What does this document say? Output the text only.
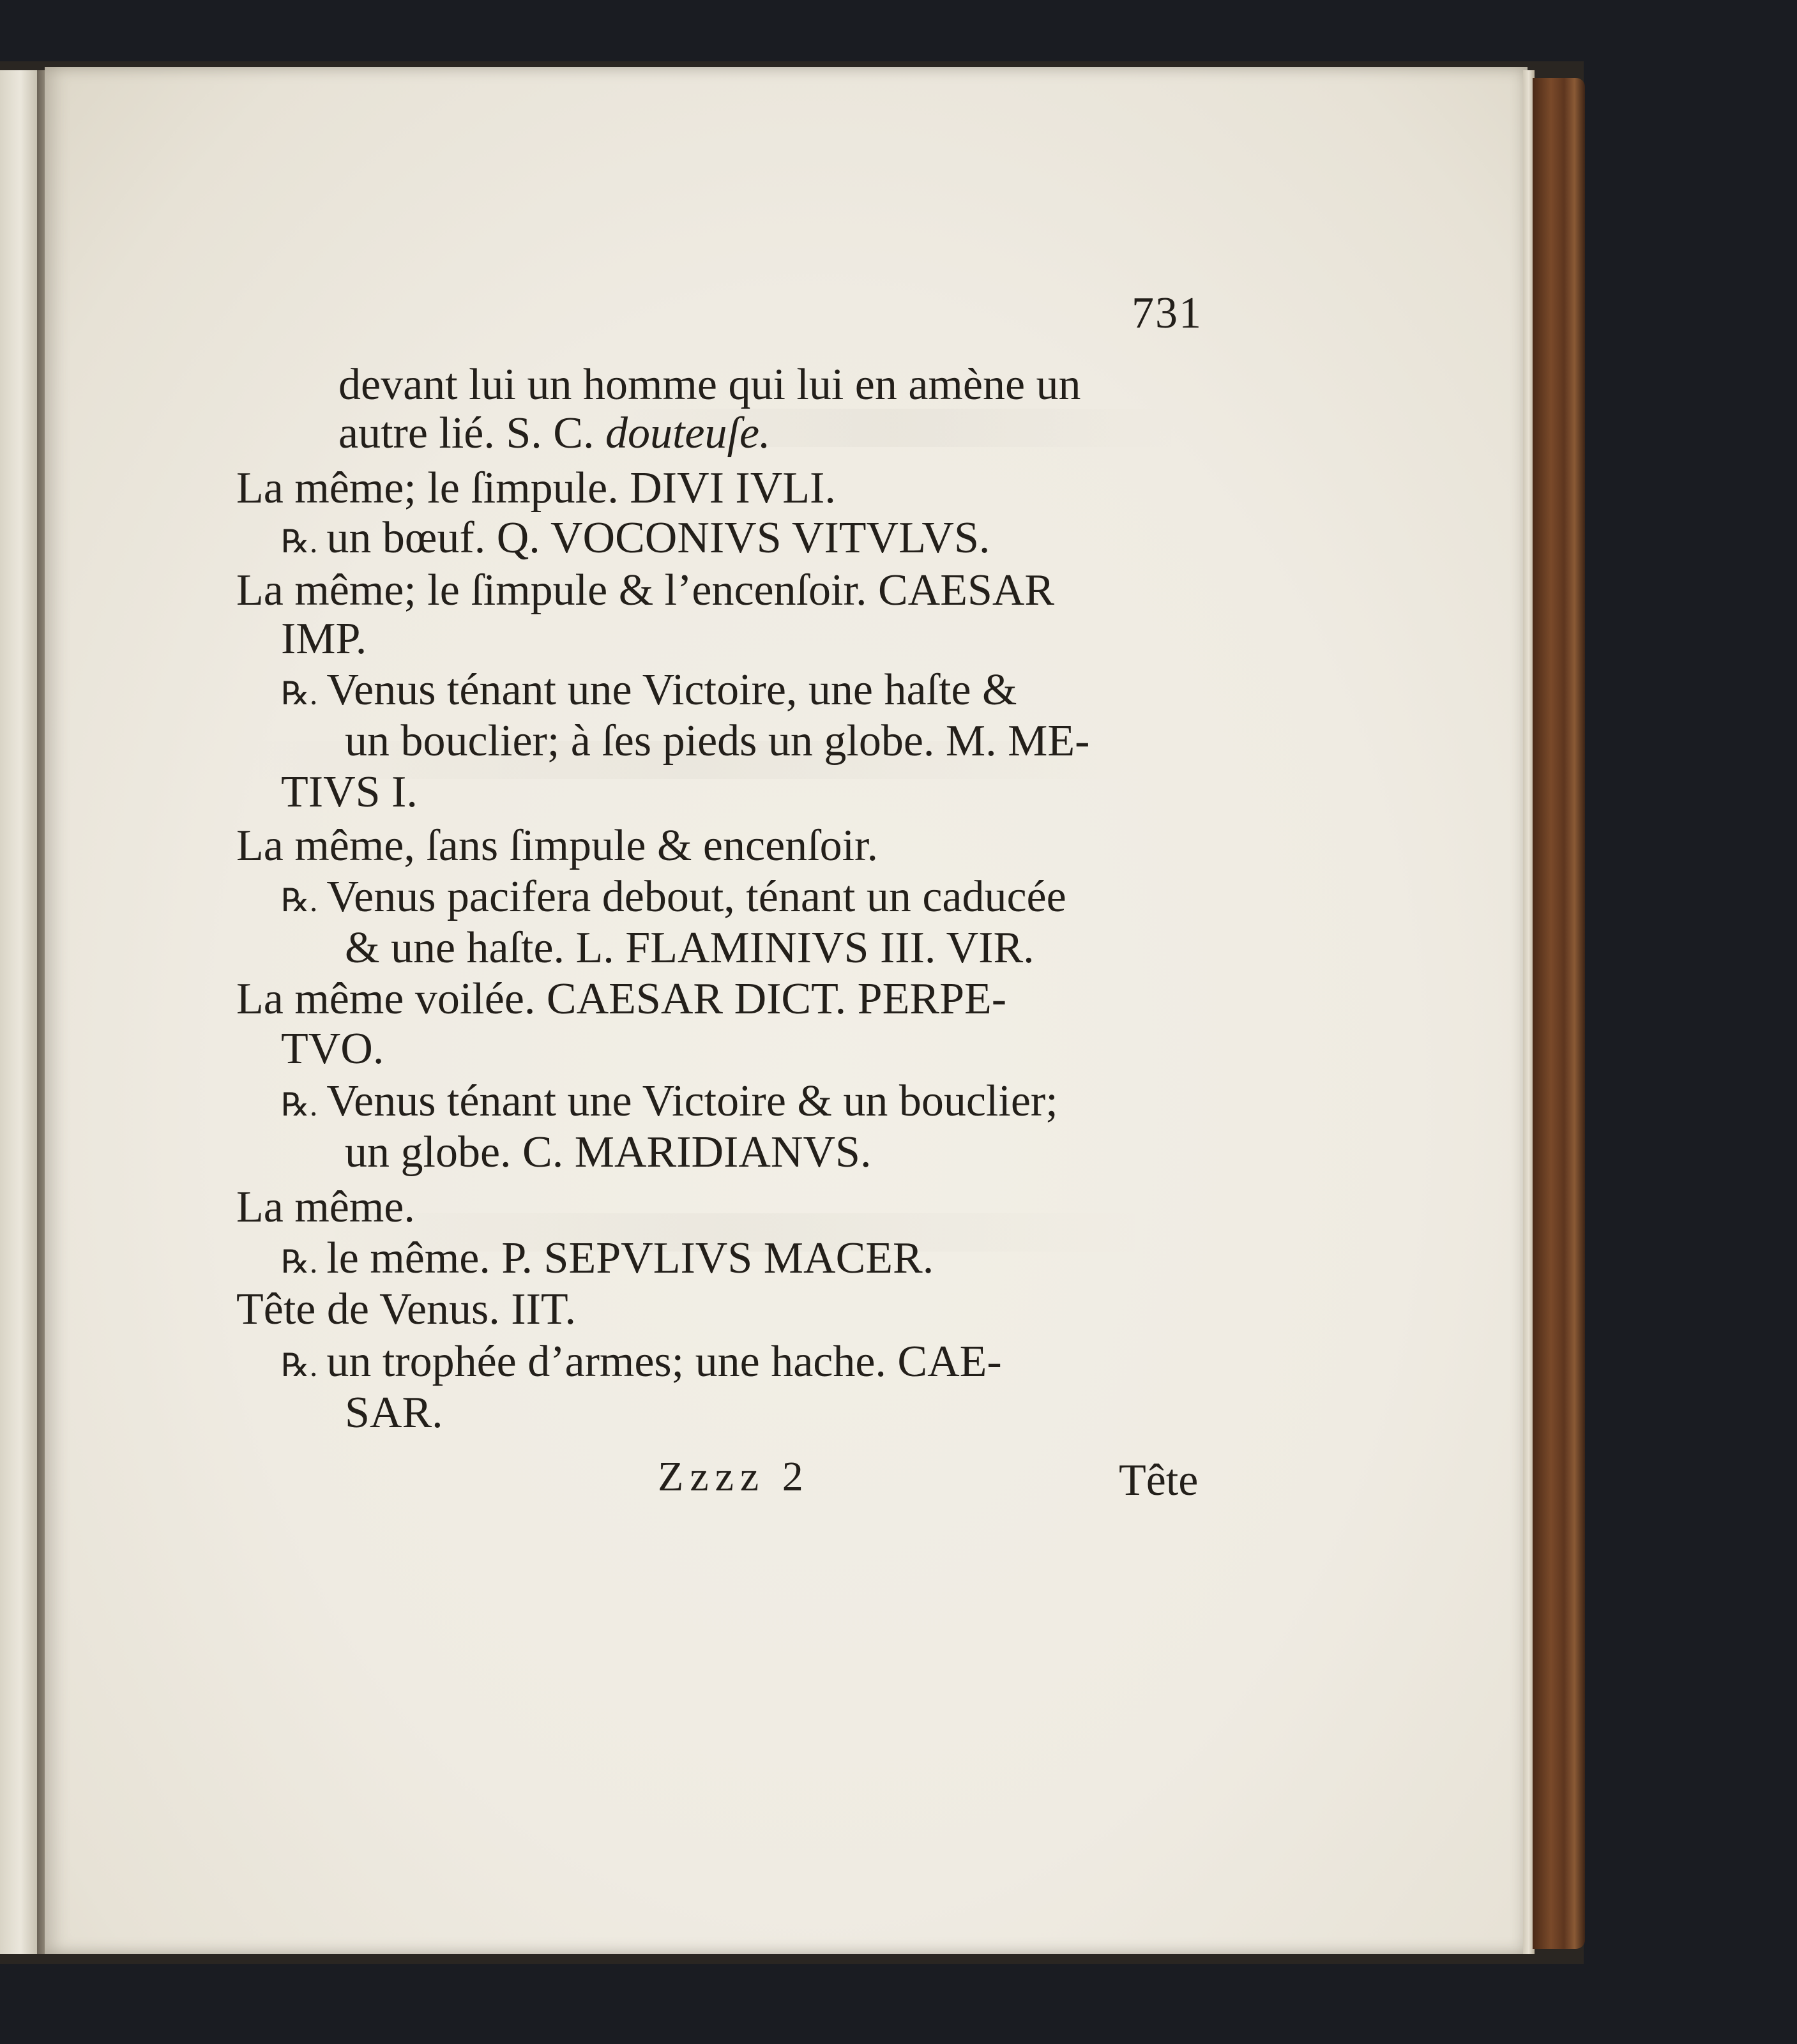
731
devant lui un homme qui lui en amène un
autre lié. S. C. douteuſe.
La même; le ſimpule. DIVI IVLI.
℞. un bœuf. Q. VOCONIVS VITVLVS.
La même; le ſimpule & l’encenſoir. CAESAR
IMP.
℞. Venus ténant une Victoire, une haſte &
un bouclier; à ſes pieds un globe. M. ME-
TIVS I.
La même, ſans ſimpule & encenſoir.
℞. Venus pacifera debout, ténant un caducée
& une haſte. L. FLAMINIVS III. VIR.
La même voilée. CAESAR DICT. PERPE-
TVO.
℞. Venus ténant une Victoire & un bouclier;
un globe. C. MARIDIANVS.
La même.
℞. le même. P. SEPVLIVS MACER.
Tête de Venus. IIT.
℞. un trophée d’armes; une hache. CAE-
SAR.
Zzzz 2	Tête
